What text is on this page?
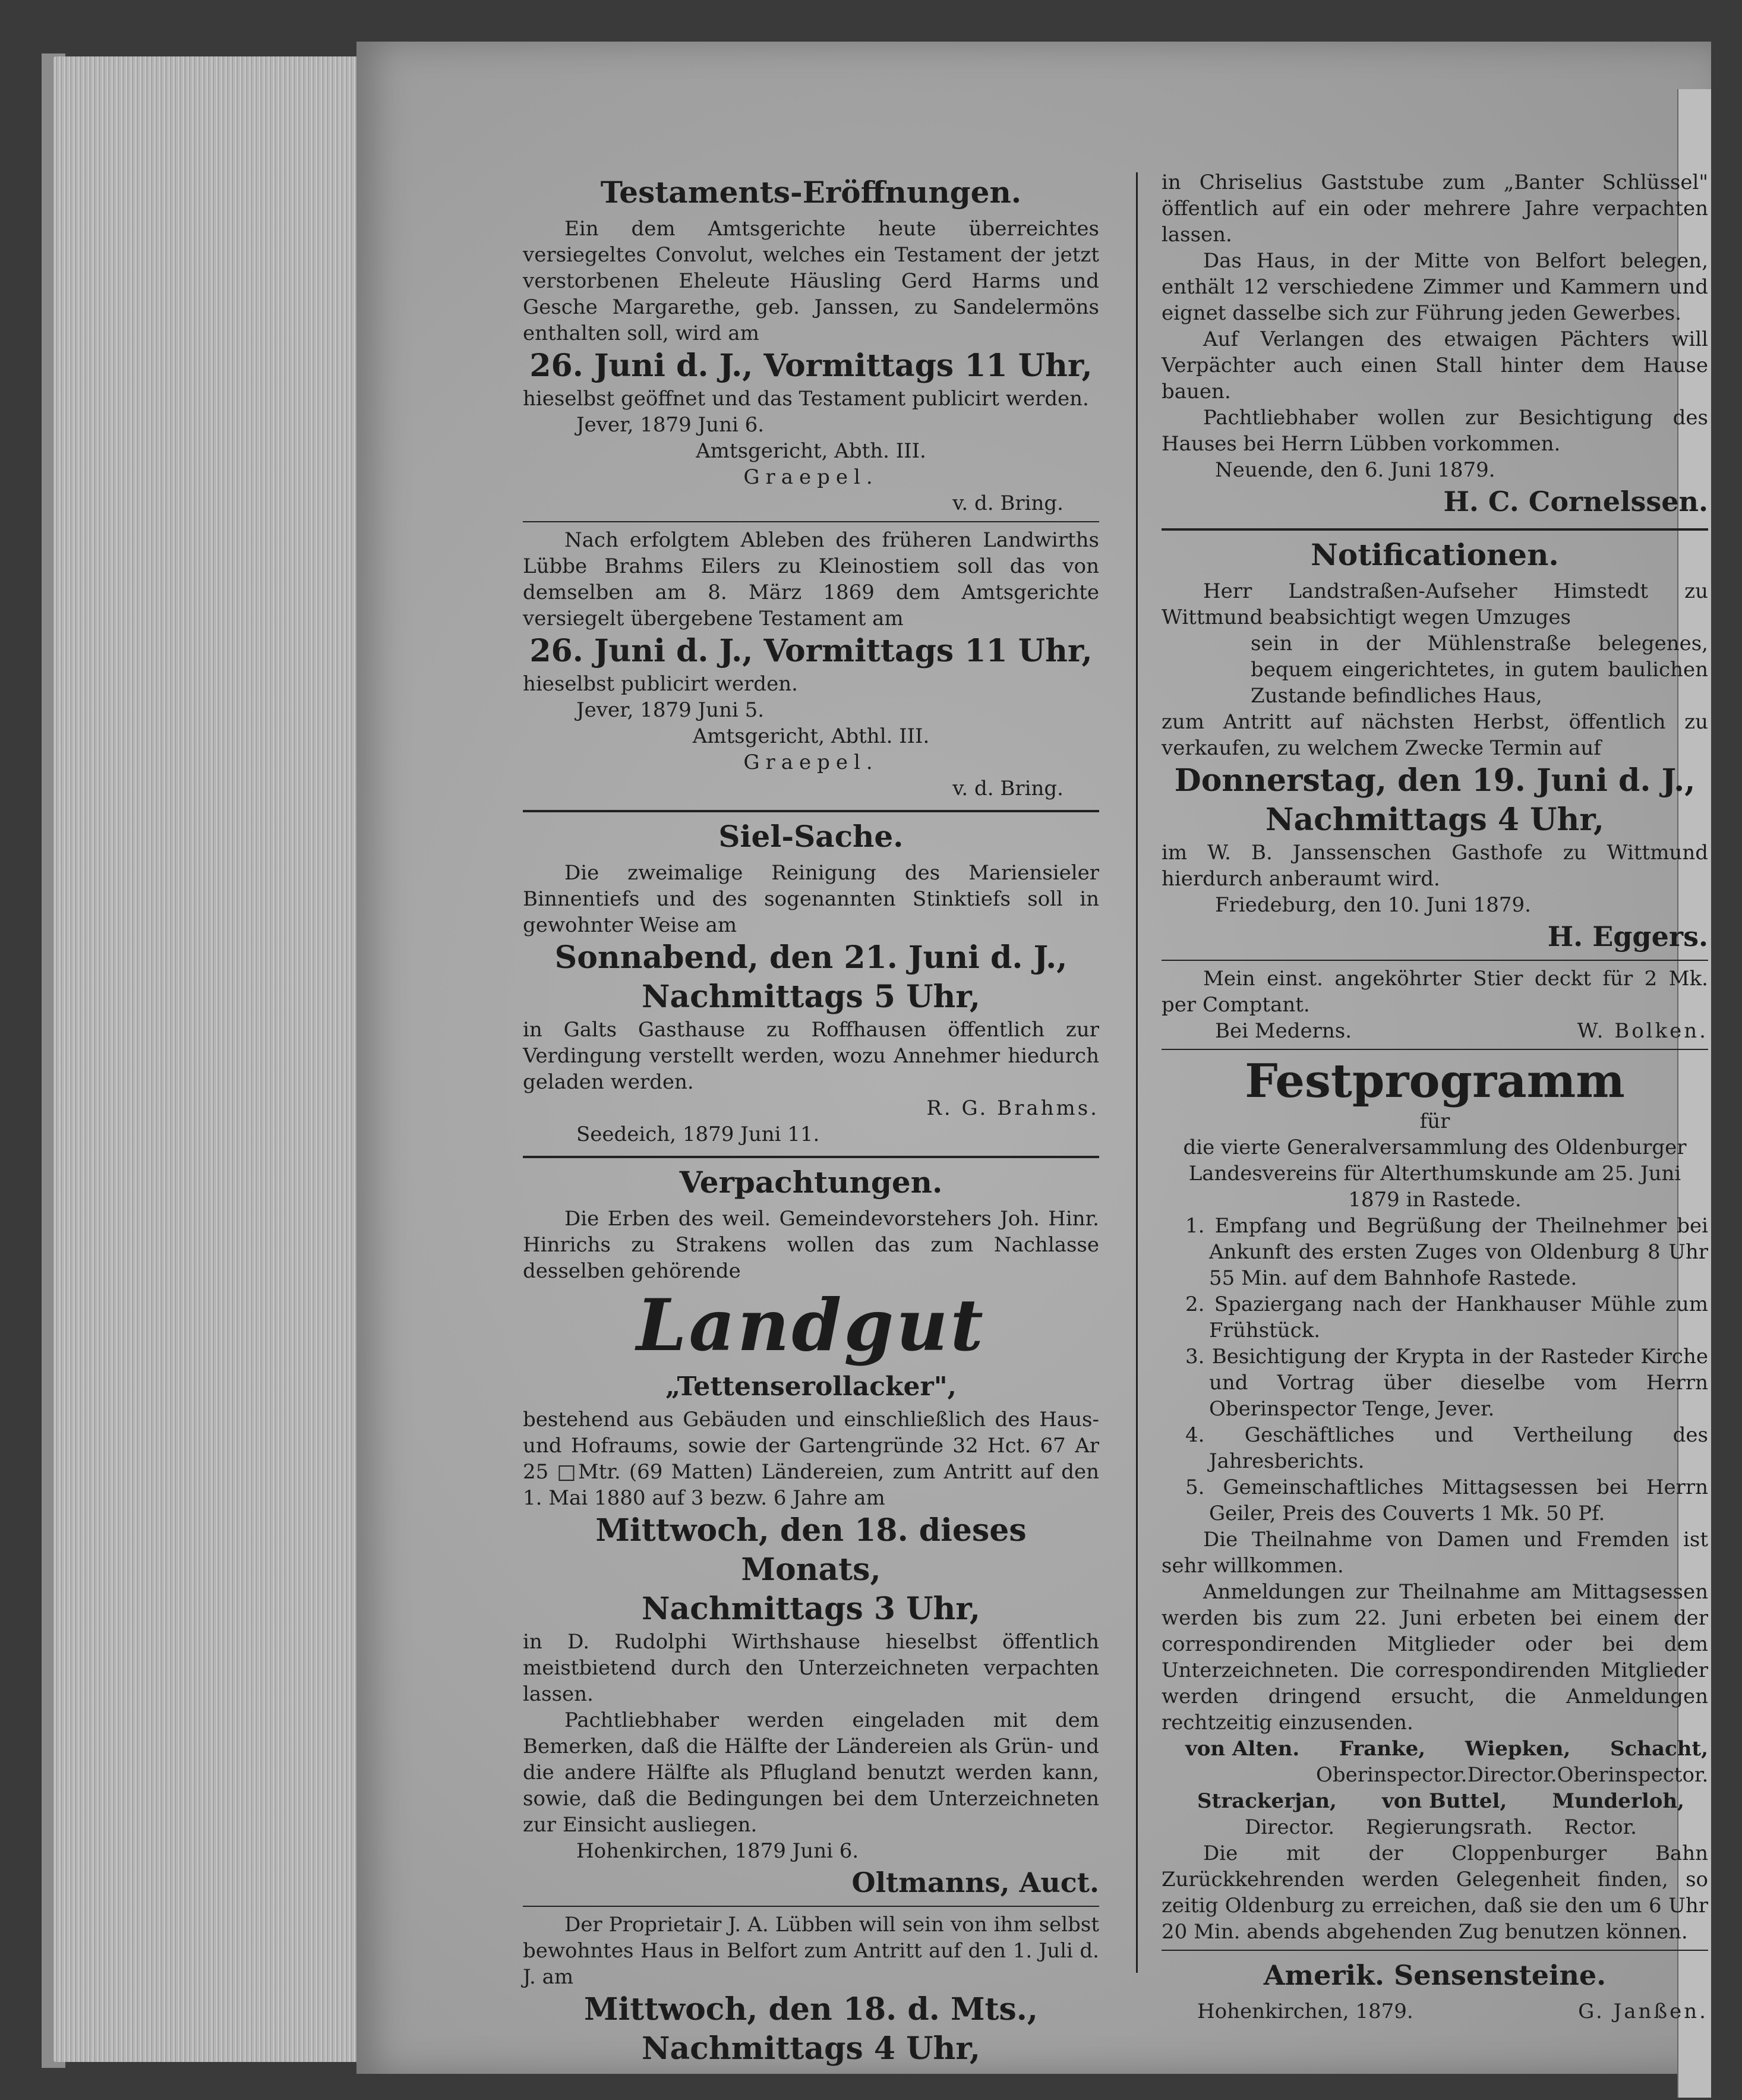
Testaments-Eröffnungen.

Ein dem Amtsgerichte heute überreichtes versiegeltes Convolut, welches ein Testament der jetzt verstorbenen Eheleute Häusling Gerd Harms und Gesche Margarethe, geb. Janssen, zu Sandelermöns enthalten soll, wird am

26. Juni d. J., Vormittags 11 Uhr,

hieselbst geöffnet und das Testament publicirt werden.

Jever, 1879 Juni 6.

Amtsgericht, Abth. III.

Graepel.

v. d. Bring.

Nach erfolgtem Ableben des früheren Landwirths Lübbe Brahms Eilers zu Kleinostiem soll das von demselben am 8. März 1869 dem Amtsgerichte versiegelt übergebene Testament am

26. Juni d. J., Vormittags 11 Uhr,

hieselbst publicirt werden.

Jever, 1879 Juni 5.

Amtsgericht, Abthl. III.

Graepel.

v. d. Bring.

Siel-Sache.

Die zweimalige Reinigung des Mariensieler Binnentiefs und des sogenannten Stinktiefs soll in gewohnter Weise am

Sonnabend, den 21. Juni d. J.,
Nachmittags 5 Uhr,

in Galts Gasthause zu Roffhausen öffentlich zur Verdingung verstellt werden, wozu Annehmer hiedurch geladen werden.

R. G. Brahms.

Seedeich, 1879 Juni 11.

Verpachtungen.

Die Erben des weil. Gemeindevorstehers Joh. Hinr. Hinrichs zu Strakens wollen das zum Nachlasse desselben gehörende

Landgut
„Tettenserollacker",

bestehend aus Gebäuden und einschließlich des Haus- und Hofraums, sowie der Gartengründe 32 Hct. 67 Ar 25 □Mtr. (69 Matten) Ländereien, zum Antritt auf den 1. Mai 1880 auf 3 bezw. 6 Jahre am

Mittwoch, den 18. dieses Monats,
Nachmittags 3 Uhr,

in D. Rudolphi Wirthshause hieselbst öffentlich meistbietend durch den Unterzeichneten verpachten lassen.

Pachtliebhaber werden eingeladen mit dem Bemerken, daß die Hälfte der Ländereien als Grün- und die andere Hälfte als Pflugland benutzt werden kann, sowie, daß die Bedingungen bei dem Unterzeichneten zur Einsicht ausliegen.

Hohenkirchen, 1879 Juni 6.

Oltmanns, Auct.

Der Proprietair J. A. Lübben will sein von ihm selbst bewohntes Haus in Belfort zum Antritt auf den 1. Juli d. J. am

Mittwoch, den 18. d. Mts.,
Nachmittags 4 Uhr,

in Chriselius Gaststube zum „Banter Schlüssel" öffentlich auf ein oder mehrere Jahre verpachten lassen.

Das Haus, in der Mitte von Belfort belegen, enthält 12 verschiedene Zimmer und Kammern und eignet dasselbe sich zur Führung jeden Gewerbes.

Auf Verlangen des etwaigen Pächters will Verpächter auch einen Stall hinter dem Hause bauen.

Pachtliebhaber wollen zur Besichtigung des Hauses bei Herrn Lübben vorkommen.

Neuende, den 6. Juni 1879.

H. C. Cornelssen.

Notificationen.

Herr Landstraßen-Aufseher Himstedt zu Wittmund beabsichtigt wegen Umzuges

sein in der Mühlenstraße belegenes, bequem eingerichtetes, in gutem baulichen Zustande befindliches Haus,

zum Antritt auf nächsten Herbst, öffentlich zu verkaufen, zu welchem Zwecke Termin auf

Donnerstag, den 19. Juni d. J.,
Nachmittags 4 Uhr,

im W. B. Janssenschen Gasthofe zu Wittmund hierdurch anberaumt wird.

Friedeburg, den 10. Juni 1879.

H. Eggers.

Mein einst. angeköhrter Stier deckt für 2 Mk. per Comptant.

Bei Mederns.	W. Bolken.

Festprogramm

für

die vierte Generalversammlung des Oldenburger Landesvereins für Alterthumskunde am 25. Juni 1879 in Rastede.

1. Empfang und Begrüßung der Theilnehmer bei Ankunft des ersten Zuges von Oldenburg 8 Uhr 55 Min. auf dem Bahnhofe Rastede.
2. Spaziergang nach der Hankhauser Mühle zum Frühstück.
3. Besichtigung der Krypta in der Rasteder Kirche und Vortrag über dieselbe vom Herrn Oberinspector Tenge, Jever.
4. Geschäftliches und Vertheilung des Jahresberichts.
5. Gemeinschaftliches Mittagsessen bei Herrn Geiler, Preis des Couverts 1 Mk. 50 Pf.

Die Theilnahme von Damen und Fremden ist sehr willkommen.

Anmeldungen zur Theilnahme am Mittagsessen werden bis zum 22. Juni erbeten bei einem der correspondirenden Mitglieder oder bei dem Unterzeichneten. Die correspondirenden Mitglieder werden dringend ersucht, die Anmeldungen rechtzeitig einzusenden.

von Alten. Franke, Wiepken, Schacht,

Oberinspector. Director. Oberinspector.

Strackerjan, von Buttel, Munderloh,

Director. Regierungsrath. Rector.

Die mit der Cloppenburger Bahn Zurückkehrenden werden Gelegenheit finden, so zeitig Oldenburg zu erreichen, daß sie den um 6 Uhr 20 Min. abends abgehenden Zug benutzen können.

Amerik. Sensensteine.

Hohenkirchen, 1879.	G. Janßen.
